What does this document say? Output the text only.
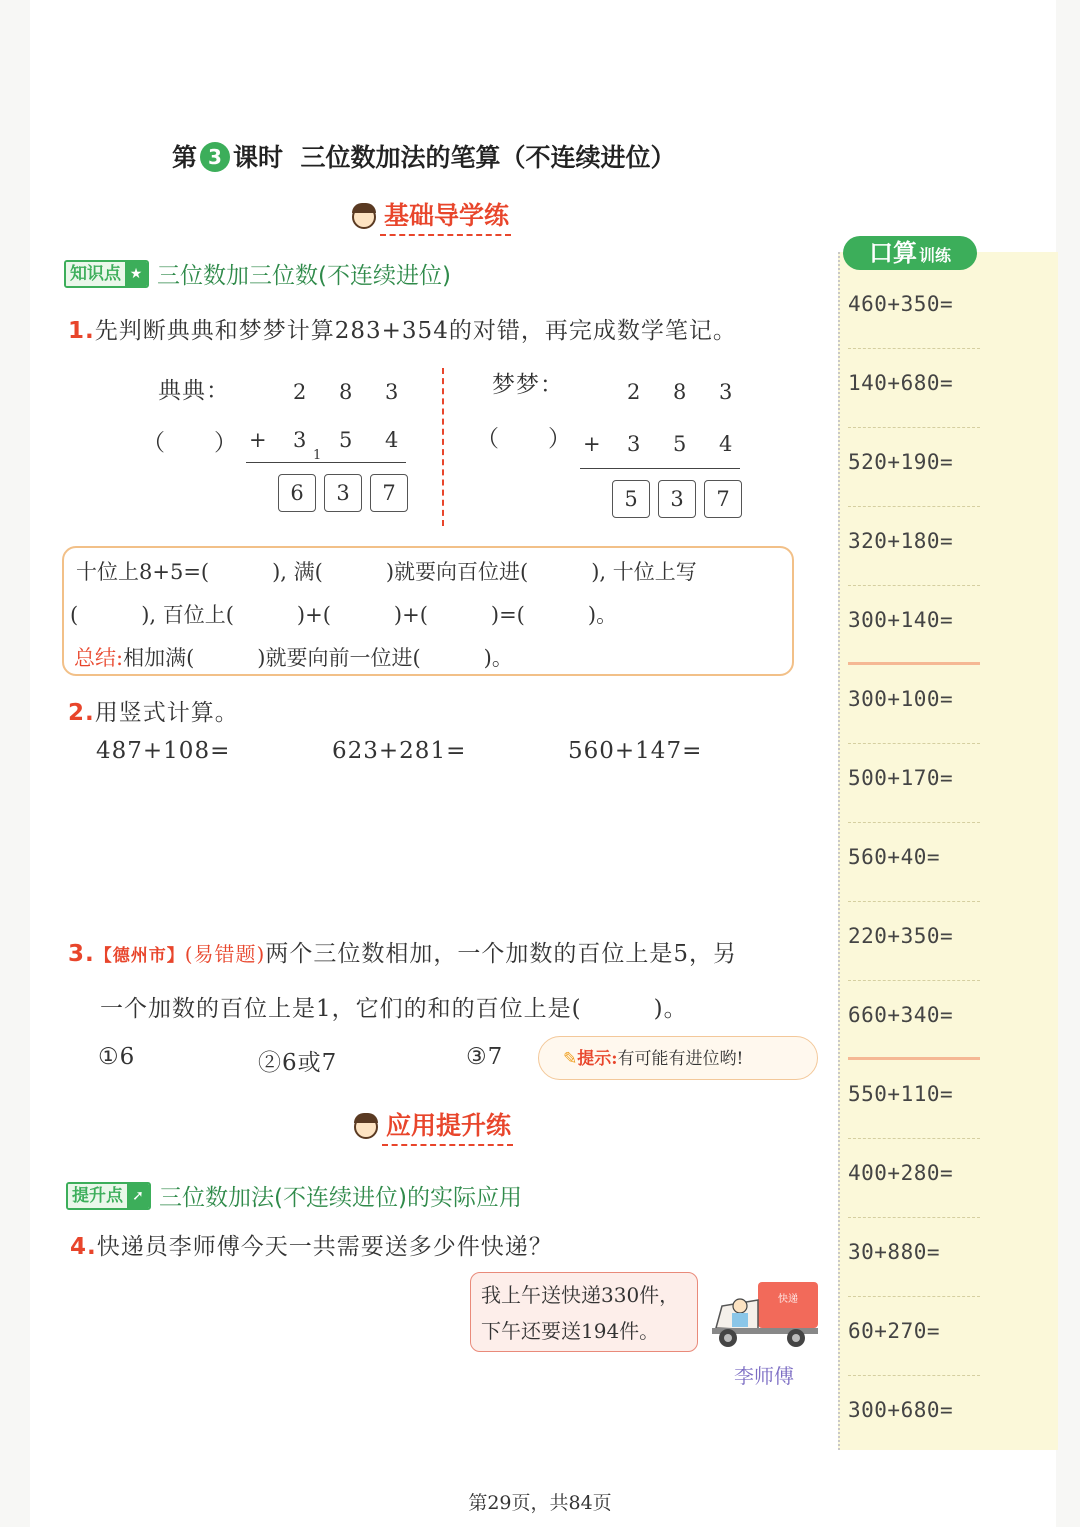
第 3 课时 三位数加法的笔算（不连续进位）
基础导学练
知识点 ★ 三位数加三位数(不连续进位)
1.先判断典典和梦梦计算283+354的对错，再完成数学笔记。
典典：	2 8 3
（　　） + 3 5 4
1
6	3	7
梦梦：	2 8 3
（　　） + 3 5 4
5	3	7
十位上8+5=(　　　), 满(　　　)就要向百位进(　　　), 十位上写
(　　　), 百位上(　　　)+(　　　)+(　　　)=(　　　)。
总结:相加满(　　　)就要向前一位进(　　　)。
2.用竖式计算。
487+108=	623+281=	560+147=
3.【德州市】(易错题)两个三位数相加，一个加数的百位上是5，另
一个加数的百位上是1，它们的和的百位上是(　　　)。
①6	②6或7	③7	✎提示:有可能有进位哟!
应用提升练
提升点 ➚ 三位数加法(不连续进位)的实际应用
4.快递员李师傅今天一共需要送多少件快递？
我上午送快递330件，
下午还要送194件。
快递
李师傅
口算 训练
460+350=
140+680=
520+190=
320+180=
300+140=
300+100=
500+170=
560+40=
220+350=
660+340=
550+110=
400+280=
30+880=
60+270=
300+680=
第29页，共84页
